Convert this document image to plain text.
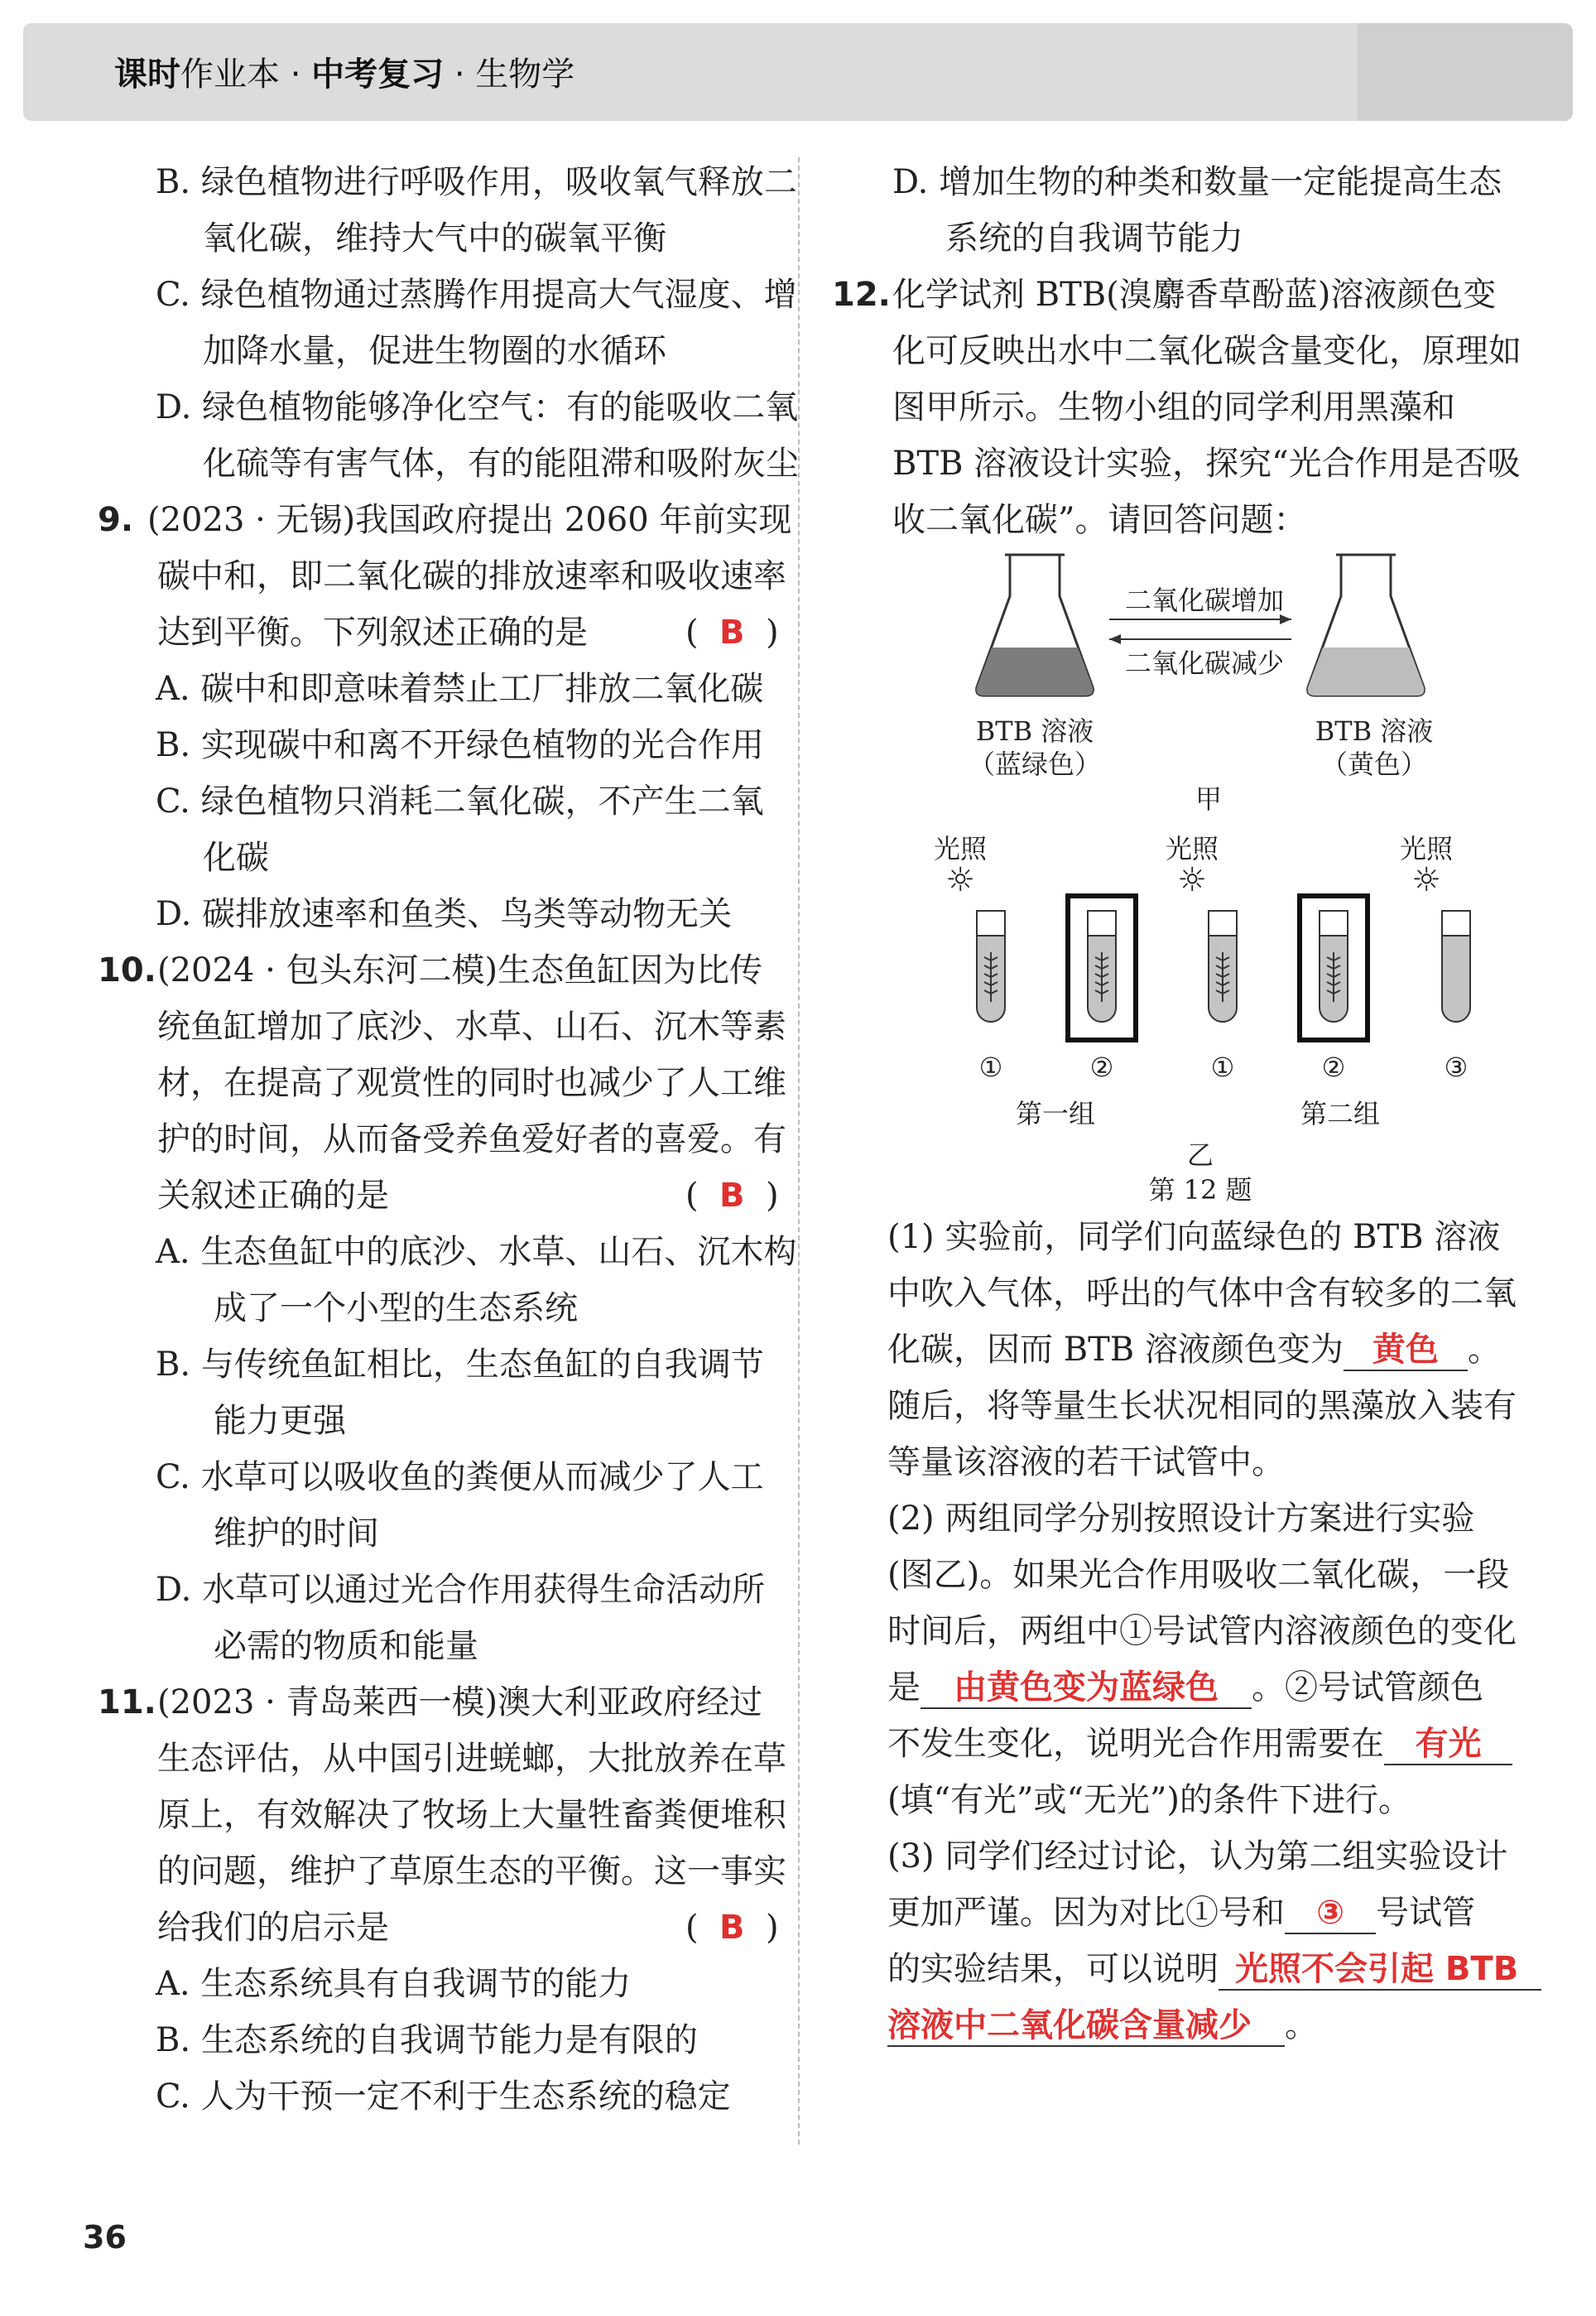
课时作业本 · 中考复习 · 生物学
B. 绿色植物进行呼吸作用，吸收氧气释放二
氧化碳，维持大气中的碳氧平衡
C. 绿色植物通过蒸腾作用提高大气湿度、增
加降水量，促进生物圈的水循环
D. 绿色植物能够净化空气：有的能吸收二氧
化硫等有害气体，有的能阻滞和吸附灰尘
9. (2023 · 无锡)我国政府提出 2060 年前实现
碳中和，即二氧化碳的排放速率和吸收速率
达到平衡。下列叙述正确的是	(  B  )
A. 碳中和即意味着禁止工厂排放二氧化碳
B. 实现碳中和离不开绿色植物的光合作用
C. 绿色植物只消耗二氧化碳，不产生二氧
化碳
D. 碳排放速率和鱼类、鸟类等动物无关
10. (2024 · 包头东河二模)生态鱼缸因为比传
统鱼缸增加了底沙、水草、山石、沉木等素
材，在提高了观赏性的同时也减少了人工维
护的时间，从而备受养鱼爱好者的喜爱。有
关叙述正确的是	(  B  )
A. 生态鱼缸中的底沙、水草、山石、沉木构
成了一个小型的生态系统
B. 与传统鱼缸相比，生态鱼缸的自我调节
能力更强
C. 水草可以吸收鱼的粪便从而减少了人工
维护的时间
D. 水草可以通过光合作用获得生命活动所
必需的物质和能量
11. (2023 · 青岛莱西一模)澳大利亚政府经过
生态评估，从中国引进蜣螂，大批放养在草
原上，有效解决了牧场上大量牲畜粪便堆积
的问题，维护了草原生态的平衡。这一事实
给我们的启示是	(  B  )
A. 生态系统具有自我调节的能力
B. 生态系统的自我调节能力是有限的
C. 人为干预一定不利于生态系统的稳定
D. 增加生物的种类和数量一定能提高生态
系统的自我调节能力
12. 化学试剂 BTB(溴麝香草酚蓝)溶液颜色变
化可反映出水中二氧化碳含量变化，原理如
图甲所示。生物小组的同学利用黑藻和
BTB 溶液设计实验，探究“光合作用是否吸
收二氧化碳”。请回答问题：
二氧化碳增加
二氧化碳减少
BTB 溶液
（蓝绿色）
BTB 溶液
（黄色）
甲
光照	光照	光照
☼	☼	☼
①	②	①	②	③
第一组	第二组
乙
第 12 题
(1) 实验前，同学们向蓝绿色的 BTB 溶液
中吹入气体，呼出的气体中含有较多的二氧
化碳，因而 BTB 溶液颜色变为 黄色 。
随后，将等量生长状况相同的黑藻放入装有
等量该溶液的若干试管中。
(2) 两组同学分别按照设计方案进行实验
(图乙)。如果光合作用吸收二氧化碳，一段
时间后，两组中①号试管内溶液颜色的变化
是 由黄色变为蓝绿色 。②号试管颜色
不发生变化，说明光合作用需要在 有光
(填“有光”或“无光”)的条件下进行。
(3) 同学们经过讨论，认为第二组实验设计
更加严谨。因为对比①号和 ③ 号试管
的实验结果，可以说明 光照不会引起 BTB
溶液中二氧化碳含量减少 。
36
